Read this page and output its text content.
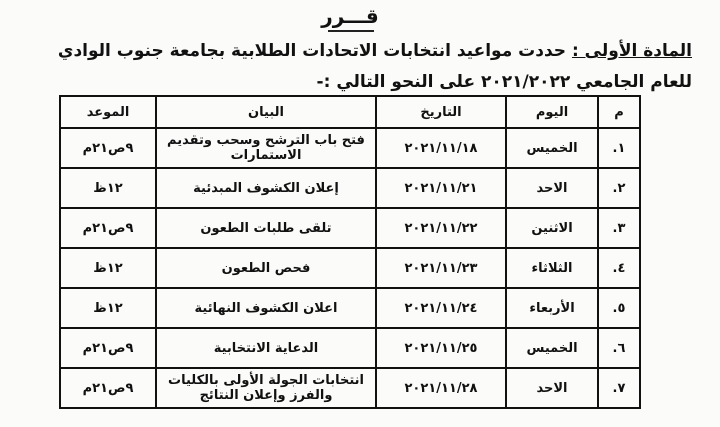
قـــرر
المادة الأولى : حددت مواعيد انتخابات الاتحادات الطلابية بجامعة جنوب الوادي للعام الجامعي ٢٠٢١/٢٠٢٢ على النحو التالي :-
م	اليوم	التاريخ	البيان	الموعد
١.	الخميس	٢٠٢١/١١/١٨	فتح باب الترشح وسحب وتقديم الاستمارات	٩ص٢١م
٢.	الاحد	٢٠٢١/١١/٢١	إعلان الكشوف المبدئية	١٢ظ
٣.	الاثنين	٢٠٢١/١١/٢٢	تلقى طلبات الطعون	٩ص٢١م
٤.	الثلاثاء	٢٠٢١/١١/٢٣	فحص الطعون	١٢ظ
٥.	الأربعاء	٢٠٢١/١١/٢٤	اعلان الكشوف النهائية	١٢ظ
٦.	الخميس	٢٠٢١/١١/٢٥	الدعاية الانتخابية	٩ص٢١م
٧.	الاحد	٢٠٢١/١١/٢٨	انتخابات الجولة الأولى بالكليات والفرز وإعلان النتائج	٩ص٢١م
